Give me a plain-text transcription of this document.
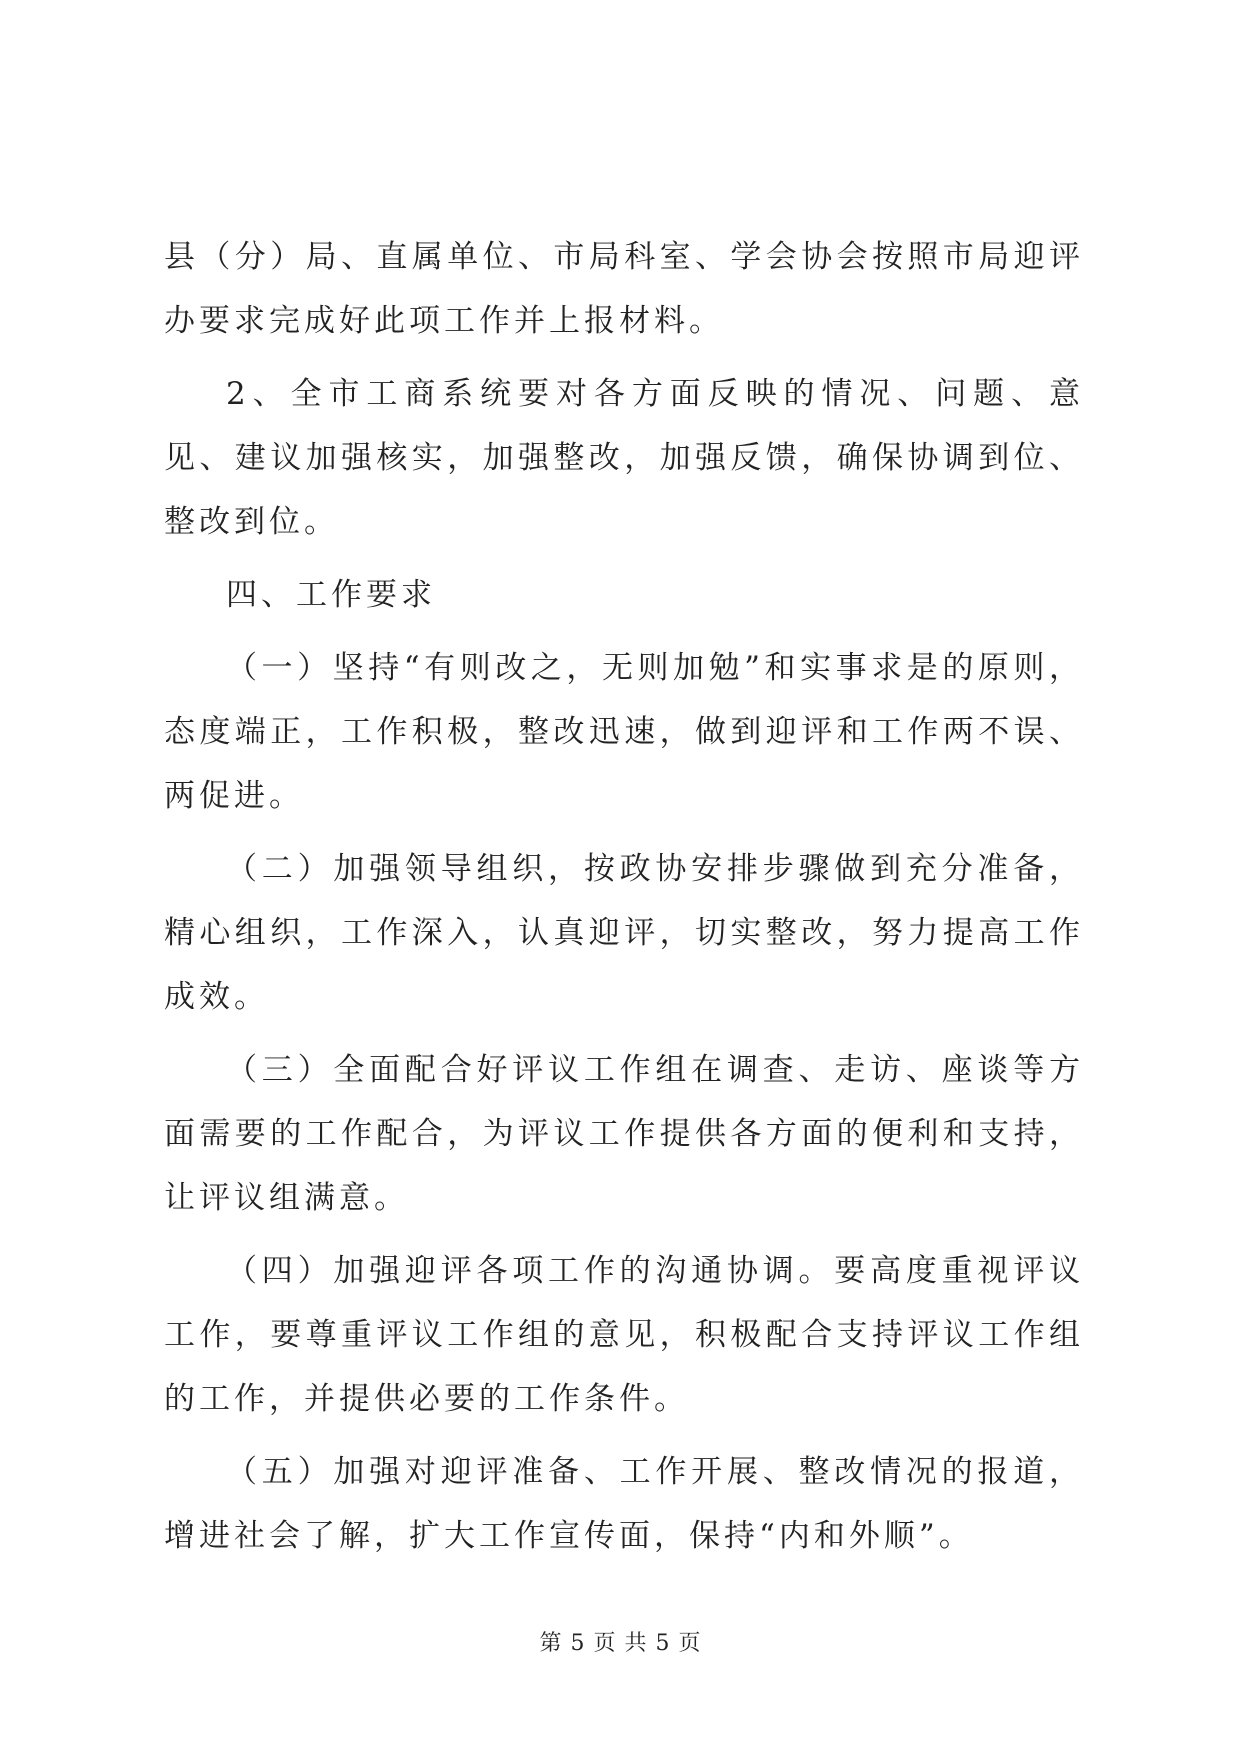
县（分）局、直属单位、市局科室、学会协会按照市局迎评办要求完成好此项工作并上报材料。

2、全市工商系统要对各方面反映的情况、问题、意见、建议加强核实，加强整改，加强反馈，确保协调到位、整改到位。

四、工作要求

（一）坚持“有则改之，无则加勉”和实事求是的原则，态度端正，工作积极，整改迅速，做到迎评和工作两不误、两促进。

（二）加强领导组织，按政协安排步骤做到充分准备，精心组织，工作深入，认真迎评，切实整改，努力提高工作成效。

（三）全面配合好评议工作组在调查、走访、座谈等方面需要的工作配合，为评议工作提供各方面的便利和支持，让评议组满意。

（四）加强迎评各项工作的沟通协调。要高度重视评议工作，要尊重评议工作组的意见，积极配合支持评议工作组的工作，并提供必要的工作条件。

（五）加强对迎评准备、工作开展、整改情况的报道，增进社会了解，扩大工作宣传面，保持“内和外顺”。

第 5 页 共 5 页
